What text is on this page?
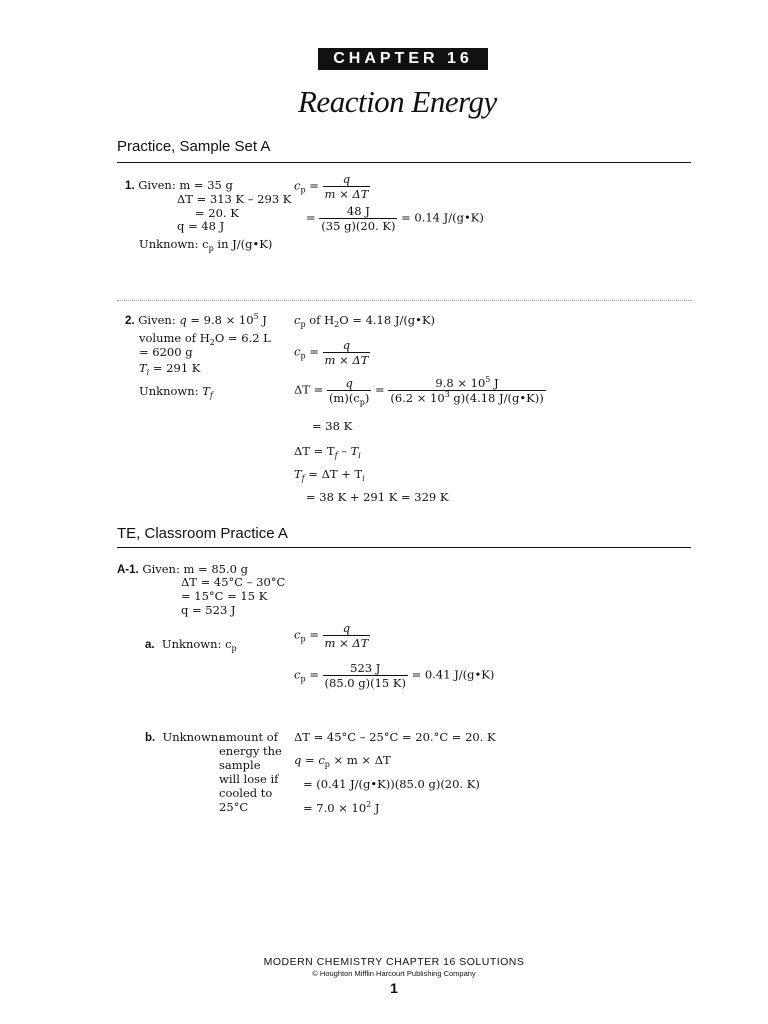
CHAPTER 16
Reaction Energy
Practice, Sample Set A
1. Given: m = 35 g
ΔT = 313 K – 293 K
= 20. K
q = 48 J
Unknown: $c_p$ in J/(g•K)
$c_p = \frac{q}{m \times \Delta T}$
= $\frac{48 J}{(35 g)(20. K)} = 0.14$ J/(g•K)
2. Given: $q = 9.8 \times 10^5$ J
volume of $H_2O = 6.2$ L
= 6200 g
$T_i = 291$ K
Unknown: $T_f$
$c_p$ of $H_2O = 4.18$ J/(g•K)
$c_p = \frac{q}{m \times \Delta T}$
$\Delta T = \frac{q}{(m)(c_p)} = \frac{9.8 \times 10^5 J}{(6.2 \times 10^3 g)(4.18 J/(g•K))}$
= 38 K
$\Delta T = T_f - T_i$
$T_f = \Delta T + T_i$
= 38 K + 291 K = 329 K
TE, Classroom Practice A
A-1. Given: m = 85.0 g
ΔT = 45°C – 30°C
= 15°C = 15 K
q = 523 J
a. Unknown: $c_p$
$c_p = \frac{q}{m \times \Delta T}$
$c_p = \frac{523 J}{(85.0 g)(15 K)} = 0.41$ J/(g•K)
b. Unknown:
amount of
energy the
sample
will lose if
cooled to
25°C
ΔT = 45°C – 25°C = 20.°C = 20. K
$q = c_p \times m \times \Delta T$
= (0.41 J/(g•K))(85.0 g)(20. K)
= $7.0 \times 10^2$ J
MODERN CHEMISTRY CHAPTER 16 SOLUTIONS
© Houghton Mifflin Harcourt Publishing Company
1
